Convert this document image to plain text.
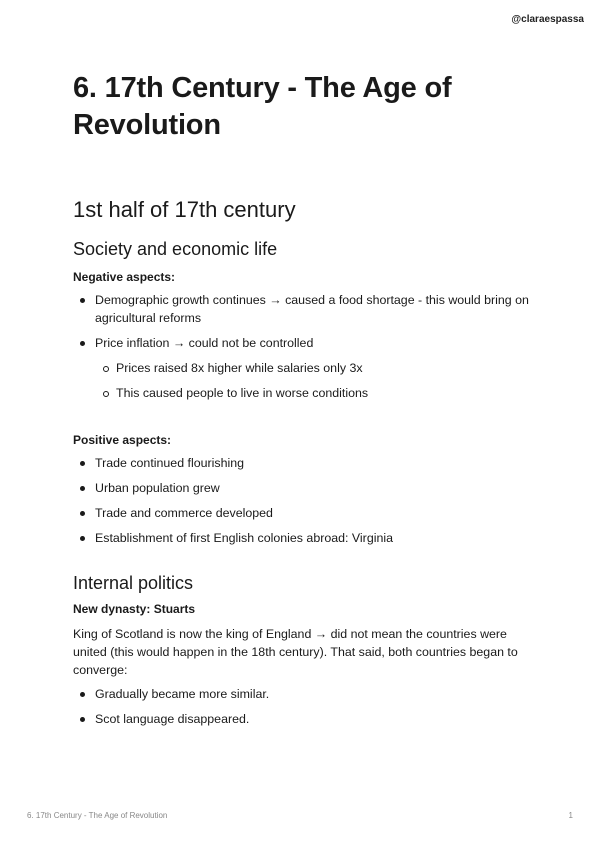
@claraespassa
6. 17th Century - The Age of Revolution
1st half of 17th century
Society and economic life
Negative aspects:
Demographic growth continues → caused a food shortage - this would bring on agricultural reforms
Price inflation → could not be controlled
Prices raised 8x higher while salaries only 3x
This caused people to live in worse conditions
Positive aspects:
Trade continued flourishing
Urban population grew
Trade and commerce developed
Establishment of first English colonies abroad: Virginia
Internal politics
New dynasty: Stuarts

King of Scotland is now the king of England → did not mean the countries were united (this would happen in the 18th century). That said, both countries began to converge:

Gradually became more similar.
Scot language disappeared.
6. 17th Century - The Age of Revolution	1
